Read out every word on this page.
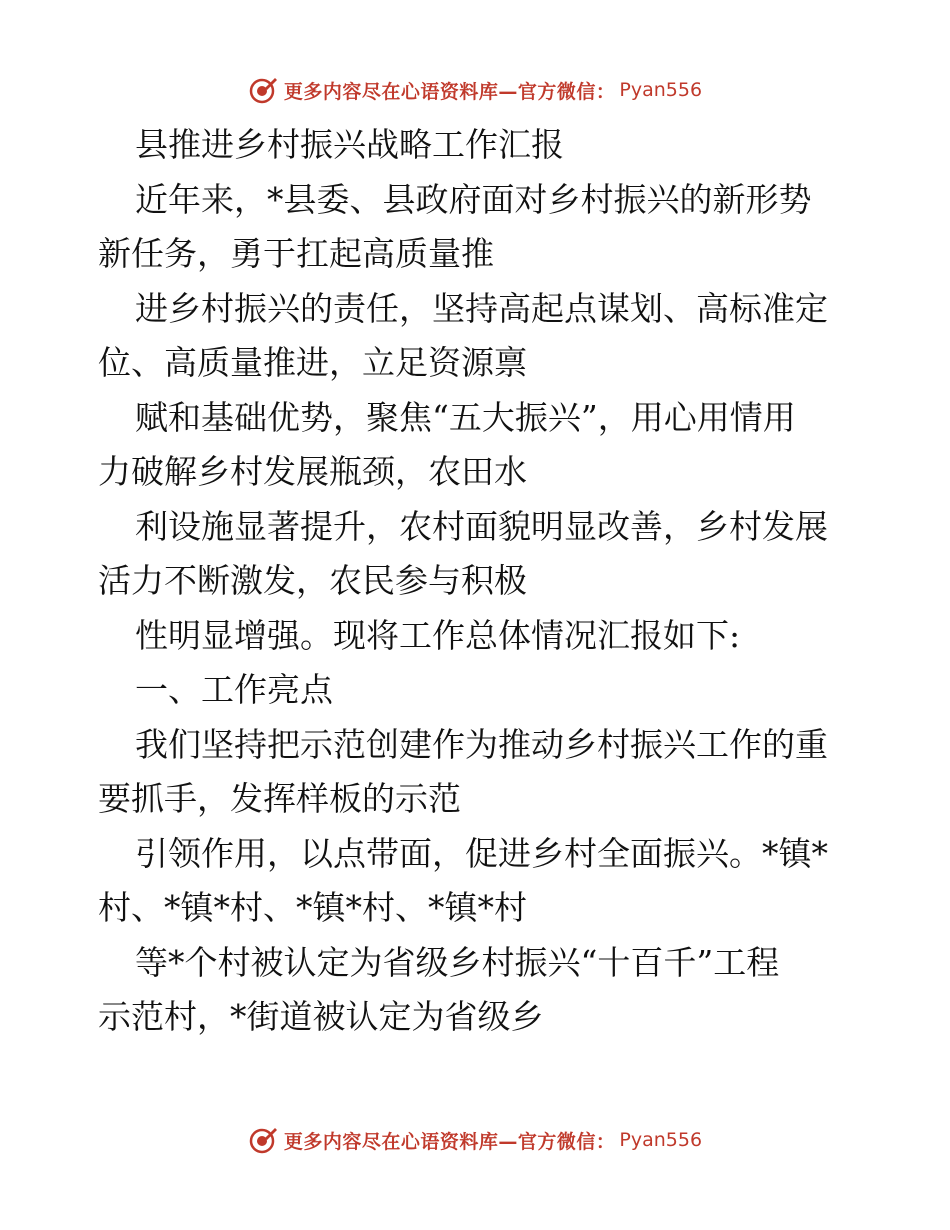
更多内容尽在心语资料库—官方微信： Pyan556
县推进乡村振兴战略工作汇报
近年来，*县委、县政府面对乡村振兴的新形势
新任务，勇于扛起高质量推
进乡村振兴的责任，坚持高起点谋划、高标准定
位、高质量推进，立足资源禀
赋和基础优势，聚焦“五大振兴”，用心用情用
力破解乡村发展瓶颈，农田水
利设施显著提升，农村面貌明显改善，乡村发展
活力不断激发，农民参与积极
性明显增强。现将工作总体情况汇报如下:
一、工作亮点
我们坚持把示范创建作为推动乡村振兴工作的重
要抓手，发挥样板的示范
引领作用，以点带面，促进乡村全面振兴。*镇*
村、*镇*村、*镇*村、*镇*村
等*个村被认定为省级乡村振兴“十百千”工程
示范村，*街道被认定为省级乡
更多内容尽在心语资料库—官方微信： Pyan556
